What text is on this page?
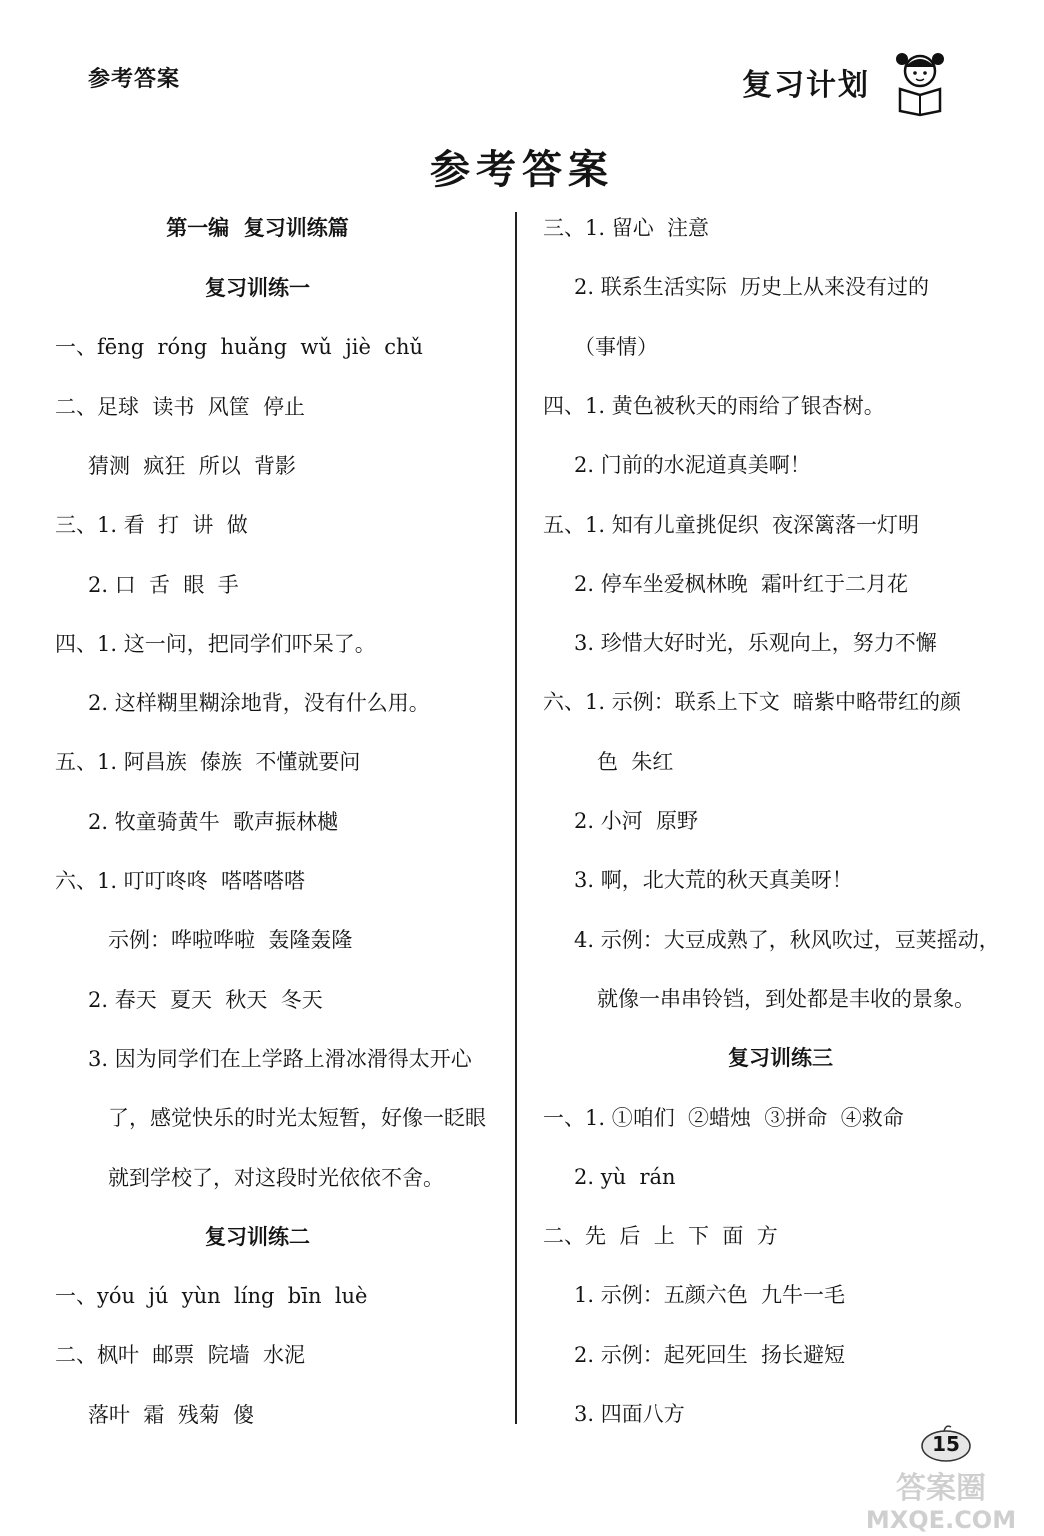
参考答案	复习计划
参考答案
第一编  复习训练篇
复习训练一
一、fēng  róng  huǎng  wǔ  jiè  chǔ
二、足球  读书  风筐  停止
猜测  疯狂  所以  背影
三、1. 看  打  讲  做
2. 口  舌  眼  手
四、1. 这一问，把同学们吓呆了。
2. 这样糊里糊涂地背，没有什么用。
五、1. 阿昌族  傣族  不懂就要问
2. 牧童骑黄牛  歌声振林樾
六、1. 叮叮咚咚  嗒嗒嗒嗒
示例：哗啦哗啦  轰隆轰隆
2. 春天  夏天  秋天  冬天
3. 因为同学们在上学路上滑冰滑得太开心
了，感觉快乐的时光太短暂，好像一眨眼
就到学校了，对这段时光依依不舍。
复习训练二
一、yóu  jú  yùn  líng  bīn  luè
二、枫叶  邮票  院墙  水泥
落叶  霜  残菊  傻
三、1. 留心  注意
2. 联系生活实际  历史上从来没有过的
（事情）
四、1. 黄色被秋天的雨给了银杏树。
2. 门前的水泥道真美啊！
五、1. 知有儿童挑促织  夜深篱落一灯明
2. 停车坐爱枫林晚  霜叶红于二月花
3. 珍惜大好时光，乐观向上，努力不懈
六、1. 示例：联系上下文  暗紫中略带红的颜
色  朱红
2. 小河  原野
3. 啊，北大荒的秋天真美呀！
4. 示例：大豆成熟了，秋风吹过，豆荚摇动，
就像一串串铃铛，到处都是丰收的景象。
复习训练三
一、1. ①咱们  ②蜡烛  ③拼命  ④救命
2. yù  rán
二、先  后  上  下  面  方
1. 示例：五颜六色  九牛一毛
2. 示例：起死回生  扬长避短
3. 四面八方
15
答案圈
MXQE.COM
